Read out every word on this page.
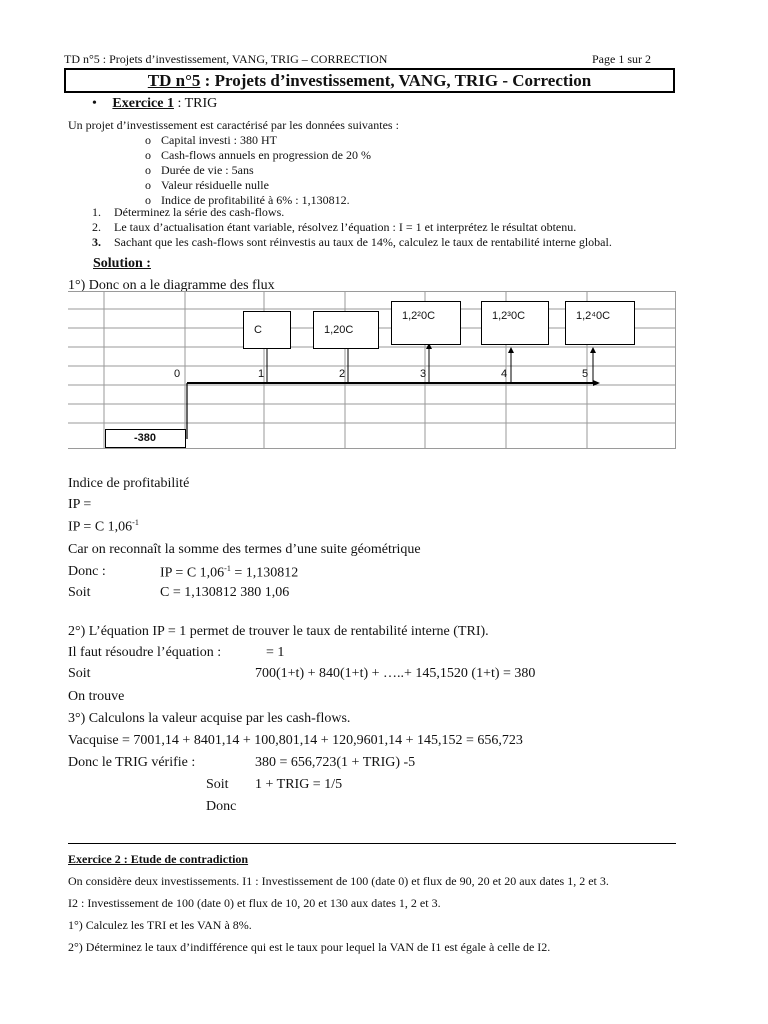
TD n°5 : Projets d’investissement, VANG, TRIG – CORRECTION	Page 1 sur 2
TD n°5 : Projets d’investissement, VANG, TRIG - Correction
• Exercice 1 : TRIG
Un projet d’investissement est caractérisé par les données suivantes :
o Capital investi : 380 HT
o Cash-flows annuels en progression de 20 %
o Durée de vie : 5ans
o Valeur résiduelle nulle
o Indice de profitabilité à 6% : 1,130812.
1. Déterminez la série des cash-flows.
2. Le taux d’actualisation étant variable, résolvez l’équation : I = 1 et interprétez le résultat obtenu.
3. Sachant que les cash-flows sont réinvestis au taux de 14%, calculez le taux de rentabilité interne global.
Solution :
1°) Donc on a le diagramme des flux
0	1	2	3	4	5
C	1,20C
1,2²0C	1,2³0C	1,2⁴0C
-380
Indice de profitabilité
IP =
IP = C $1,06^{-1}$
Car on reconnaît la somme des termes d’une suite géométrique
Donc :	IP = C $1,06^{-1} = 1,130812$
Soit	C = 1,130812 380 1,06
2°) L’équation IP = 1 permet de trouver le taux de rentabilité interne (TRI).
Il faut résoudre l’équation :	= 1
Soit	700(1+t) + 840(1+t) + …..+ 145,1520 (1+t) = 380
On trouve
3°) Calculons la valeur acquise par les cash-flows.
Vacquise = 7001,14 + 8401,14 + 100,801,14 + 120,9601,14 + 145,152 = 656,723
Donc le TRIG vérifie :	380 = 656,723(1 + TRIG) -5
Soit 1 + TRIG = 1/5
Donc
Exercice 2 : Etude de contradiction
On considère deux investissements. I1 : Investissement de 100 (date 0) et flux de 90, 20 et 20 aux dates 1, 2 et 3.
I2 : Investissement de 100 (date 0) et flux de 10, 20 et 130 aux dates 1, 2 et 3.
1°) Calculez les TRI et les VAN à 8%.
2°) Déterminez le taux d’indifférence qui est le taux pour lequel la VAN de I1 est égale à celle de I2.
